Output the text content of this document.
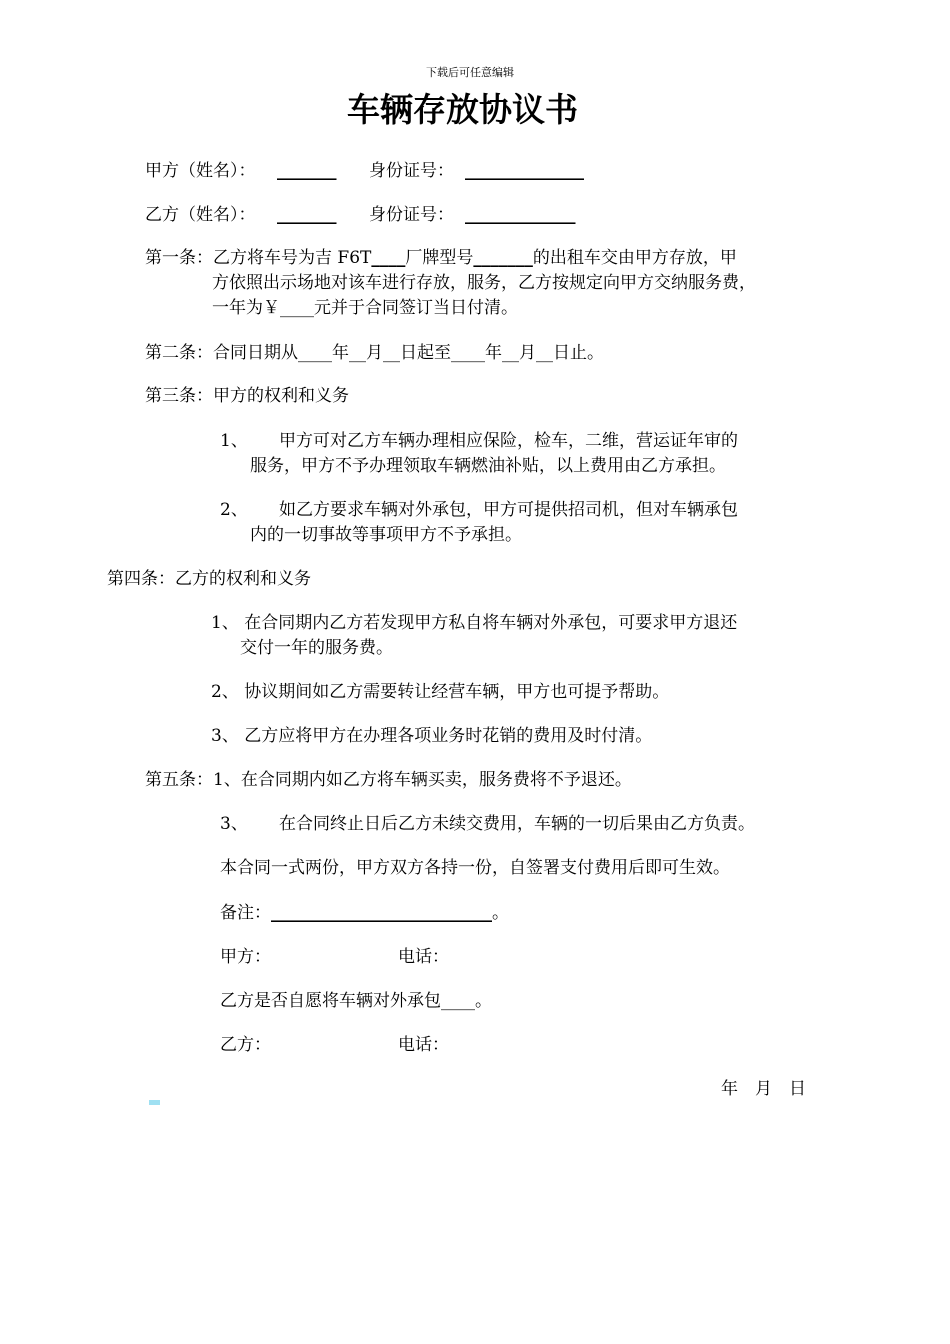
下载后可任意编辑
车辆存放协议书
甲方（姓名）： _______ 身份证号： ______________
乙方（姓名）： _______ 身份证号： _____________
第一条：乙方将车号为吉 F6T____厂牌型号_______的出租车交由甲方存放，甲
方依照出示场地对该车进行存放，服务，乙方按规定向甲方交纳服务费，
一年为￥____元并于合同签订当日付清。
第二条：合同日期从____年__月__日起至____年__月__日止。
第三条：甲方的权利和义务
1、 甲方可对乙方车辆办理相应保险，检车，二维，营运证年审的
服务，甲方不予办理领取车辆燃油补贴，以上费用由乙方承担。
2、 如乙方要求车辆对外承包，甲方可提供招司机，但对车辆承包
内的一切事故等事项甲方不予承担。
第四条：乙方的权利和义务
1、 在合同期内乙方若发现甲方私自将车辆对外承包，可要求甲方退还
交付一年的服务费。
2、 协议期间如乙方需要转让经营车辆，甲方也可提予帮助。
3、 乙方应将甲方在办理各项业务时花销的费用及时付清。
第五条：1、在合同期内如乙方将车辆买卖，服务费将不予退还。
3、 在合同终止日后乙方未续交费用，车辆的一切后果由乙方负责。
本合同一式两份，甲方双方各持一份，自签署支付费用后即可生效。
备注：__________________________。
甲方：	电话：
乙方是否自愿将车辆对外承包____。
乙方：	电话：
年　月　日
